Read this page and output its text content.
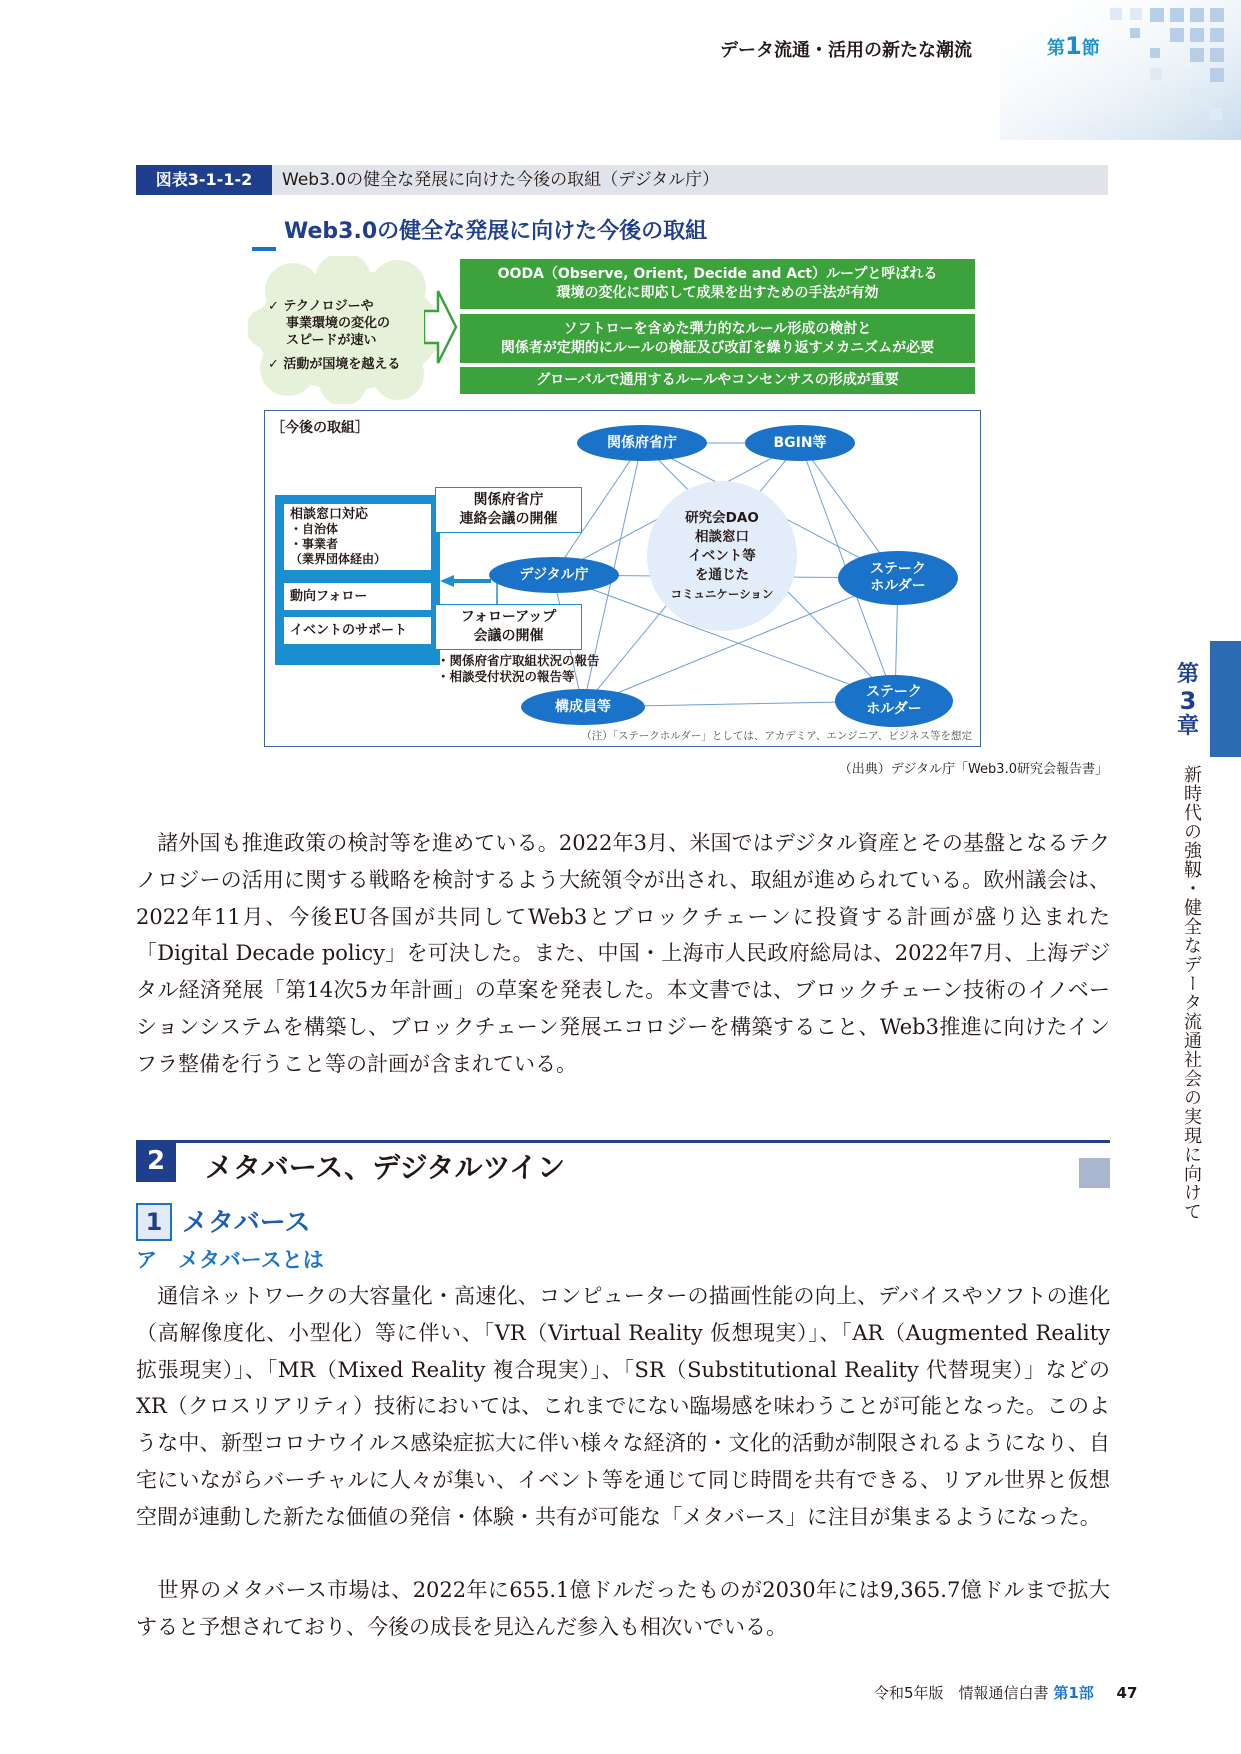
データ流通・活用の新たな潮流	第1節
図表3-1-1-2	Web3.0の健全な発展に向けた今後の取組（デジタル庁）
Web3.0の健全な発展に向けた今後の取組
✓ テクノロジーや
事業環境の変化の
スピードが速い
✓ 活動が国境を越える
OODA（Observe, Orient, Decide and Act）ループと呼ばれる
環境の変化に即応して成果を出すための手法が有効
ソフトローを含めた弾力的なルール形成の検討と
関係者が定期的にルールの検証及び改訂を繰り返すメカニズムが必要
グローバルで通用するルールやコンセンサスの形成が重要
［今後の取組］
相談窓口対応
・自治体
・事業者
（業界団体経由）
動向フォロー
イベントのサポート
関係府省庁	BGIN等
デジタル庁	ステーク
ホルダー
ステーク
ホルダー
構成員等
関係府省庁
連絡会議の開催
フォローアップ
会議の開催
研究会DAO
相談窓口
イベント等
を通じた
コミュニケーション
・関係府省庁取組状況の報告
・相談受付状況の報告等
（注）「ステークホルダー」としては、アカデミア、エンジニア、ビジネス等を想定
（出典）デジタル庁「Web3.0研究会報告書」

　諸外国も推進政策の検討等を進めている。2022年3月、米国ではデジタル資産とその基盤となるテクノロジーの活用に関する戦略を検討するよう大統領令が出され、取組が進められている。欧州議会は、2022年11月、今後EU各国が共同してWeb3とブロックチェーンに投資する計画が盛り込まれた「Digital Decade policy」を可決した。また、中国・上海市人民政府総局は、2022年7月、上海デジタル経済発展「第14次5カ年計画」の草案を発表した。本文書では、ブロックチェーン技術のイノベーションシステムを構築し、ブロックチェーン発展エコロジーを構築すること、Web3推進に向けたインフラ整備を行うこと等の計画が含まれている。

2	メタバース、デジタルツイン
1 メタバース
ア　メタバースとは

　通信ネットワークの大容量化・高速化、コンピューターの描画性能の向上、デバイスやソフトの進化（高解像度化、小型化）等に伴い、「VR（Virtual Reality 仮想現実）」、「AR（Augmented Reality 拡張現実）」、「MR（Mixed Reality 複合現実）」、「SR（Substitutional Reality 代替現実）」などのXR（クロスリアリティ）技術においては、これまでにない臨場感を味わうことが可能となった。このような中、新型コロナウイルス感染症拡大に伴い様々な経済的・文化的活動が制限されるようになり、自宅にいながらバーチャルに人々が集い、イベント等を通じて同じ時間を共有できる、リアル世界と仮想空間が連動した新たな価値の発信・体験・共有が可能な「メタバース」に注目が集まるようになった。

　世界のメタバース市場は、2022年に655.1億ドルだったものが2030年には9,365.7億ドルまで拡大すると予想されており、今後の成長を見込んだ参入も相次いでいる。

第
3
章
新時代の強靱・健全なデータ流通社会の実現に向けて
令和5年版　情報通信白書 第1部 47
